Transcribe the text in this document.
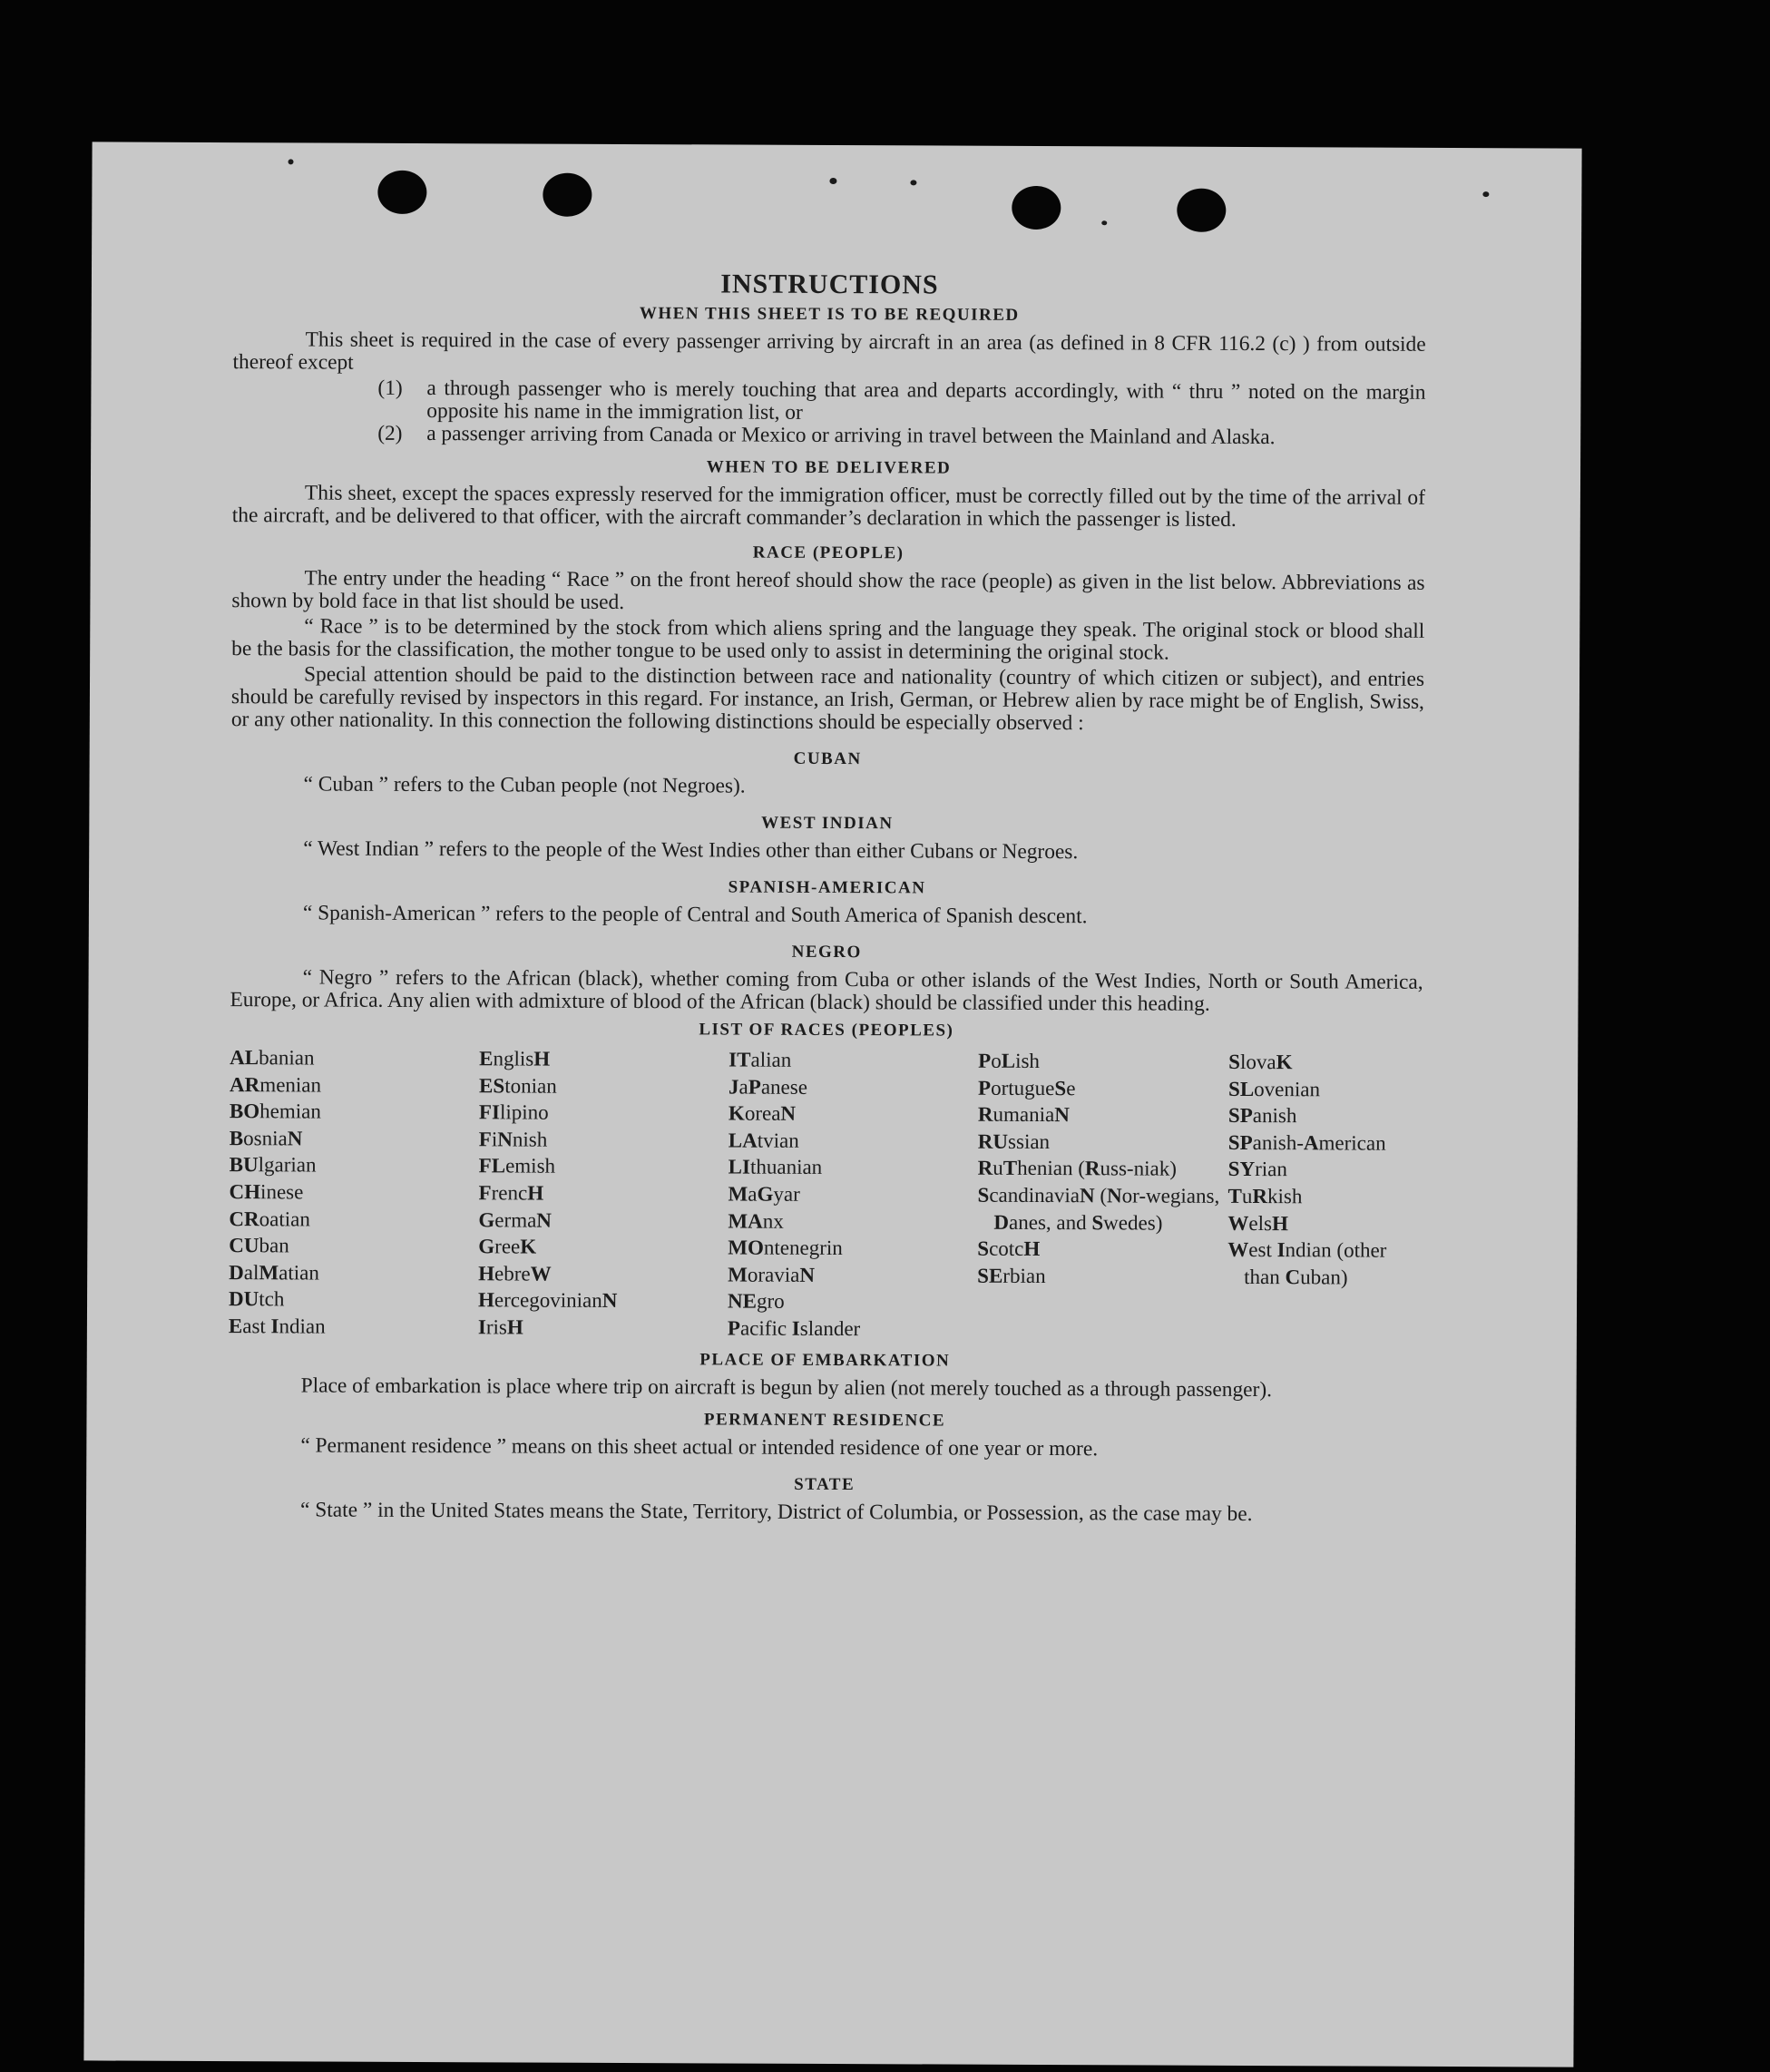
INSTRUCTIONS
WHEN THIS SHEET IS TO BE REQUIRED

This sheet is required in the case of every passenger arriving by aircraft in an area (as defined in 8 CFR 116.2 (c) ) from outside thereof except

(1)	a through passenger who is merely touching that area and departs accordingly, with “ thru ” noted on the margin opposite his name in the immigration list, or
(2)	a passenger arriving from Canada or Mexico or arriving in travel between the Mainland and Alaska.
WHEN TO BE DELIVERED

This sheet, except the spaces expressly reserved for the immigration officer, must be correctly filled out by the time of the arrival of the aircraft, and be delivered to that officer, with the aircraft commander’s declaration in which the passenger is listed.

RACE (PEOPLE)

The entry under the heading “ Race ” on the front hereof should show the race (people) as given in the list below. Abbreviations as shown by bold face in that list should be used.

“ Race ” is to be determined by the stock from which aliens spring and the language they speak. The original stock or blood shall be the basis for the classification, the mother tongue to be used only to assist in determining the original stock.

Special attention should be paid to the distinction between race and nationality (country of which citizen or subject), and entries should be carefully revised by inspectors in this regard. For instance, an Irish, German, or Hebrew alien by race might be of English, Swiss, or any other nationality. In this connection the following distinctions should be especially observed :

CUBAN

“ Cuban ” refers to the Cuban people (not Negroes).

WEST INDIAN

“ West Indian ” refers to the people of the West Indies other than either Cubans or Negroes.

SPANISH-AMERICAN

“ Spanish-American ” refers to the people of Central and South America of Spanish descent.

NEGRO

“ Negro ” refers to the African (black), whether coming from Cuba or other islands of the West Indies, North or South America, Europe, or Africa. Any alien with admixture of blood of the African (black) should be classified under this heading.

LIST OF RACES (PEOPLES)
ALbanian
ARmenian
BOhemian
BosniaN
BUlgarian
CHinese
CRoatian
CUban
DalMatian
DUtch
East Indian
EnglisH
EStonian
FIlipino
FiNnish
FLemish
FrencH
GermaN
GreeK
HebreW
HercegovinianN
IrisH
ITalian
JaPanese
KoreaN
LAtvian
LIthuanian
MaGyar
MAnx
MOntenegrin
MoraviaN
NEgro
Pacific Islander
PoLish
PortugueSe
RumaniaN
RUssian
RuThenian (Russ-niak)
ScandinaviaN (Nor-wegians, Danes, and Swedes)
ScotcH
SErbian
SlovaK
SLovenian
SPanish
SPanish-American
SYrian
TuRkish
WelsH
West Indian (other than Cuban)
PLACE OF EMBARKATION

Place of embarkation is place where trip on aircraft is begun by alien (not merely touched as a through passenger).

PERMANENT RESIDENCE

“ Permanent residence ” means on this sheet actual or intended residence of one year or more.

STATE

“ State ” in the United States means the State, Territory, District of Columbia, or Possession, as the case may be.
